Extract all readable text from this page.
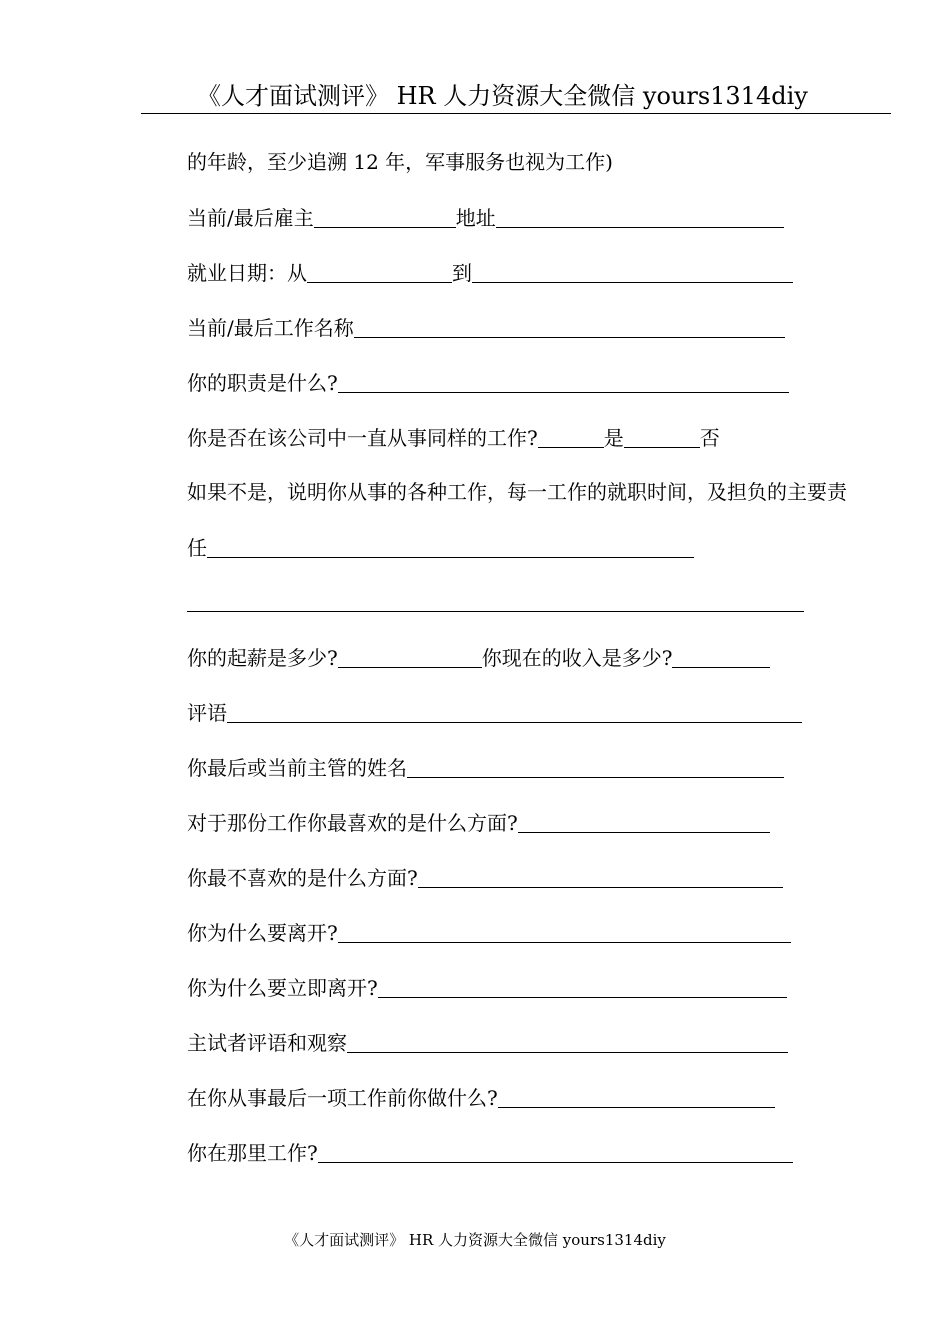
《人才面试测评》 HR 人力资源大全微信 yours1314diy
的年龄，至少追溯 12 年，军事服务也视为工作)
当前/最后雇主	地址
就业日期：从	到
当前/最后工作名称
你的职责是什么?
你是否在该公司中一直从事同样的工作?	是	否
如果不是，说明你从事的各种工作，每一工作的就职时间，及担负的主要责
任
你的起薪是多少?	你现在的收入是多少?
评语
你最后或当前主管的姓名
对于那份工作你最喜欢的是什么方面?
你最不喜欢的是什么方面?
你为什么要离开?
你为什么要立即离开?
主试者评语和观察
在你从事最后一项工作前你做什么?
你在那里工作?
《人才面试测评》 HR 人力资源大全微信 yours1314diy
